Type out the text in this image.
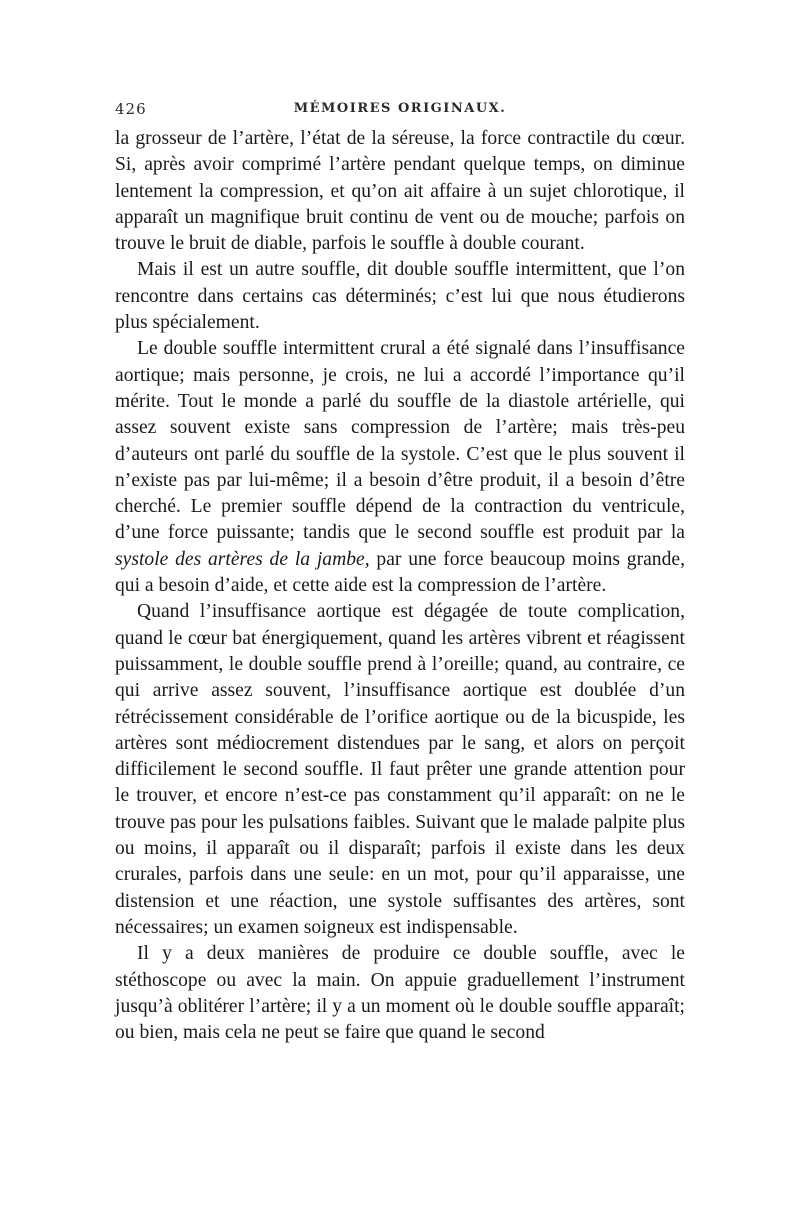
426	MÉMOIRES ORIGINAUX.

la grosseur de l’artère, l’état de la séreuse, la force contractile du cœur. Si, après avoir comprimé l’artère pendant quelque temps, on diminue lentement la compression, et qu’on ait affaire à un sujet chlorotique, il apparaît un magnifique bruit continu de vent ou de mouche; parfois on trouve le bruit de diable, parfois le souffle à double courant.

Mais il est un autre souffle, dit double souffle intermittent, que l’on rencontre dans certains cas déterminés; c’est lui que nous étudierons plus spécialement.

Le double souffle intermittent crural a été signalé dans l’insuffisance aortique; mais personne, je crois, ne lui a accordé l’importance qu’il mérite. Tout le monde a parlé du souffle de la diastole artérielle, qui assez souvent existe sans compression de l’artère; mais très-peu d’auteurs ont parlé du souffle de la systole. C’est que le plus souvent il n’existe pas par lui-même; il a besoin d’être produit, il a besoin d’être cherché. Le premier souffle dépend de la contraction du ventricule, d’une force puissante; tandis que le second souffle est produit par la systole des artères de la jambe, par une force beaucoup moins grande, qui a besoin d’aide, et cette aide est la compression de l’artère.

Quand l’insuffisance aortique est dégagée de toute complication, quand le cœur bat énergiquement, quand les artères vibrent et réagissent puissamment, le double souffle prend à l’oreille; quand, au contraire, ce qui arrive assez souvent, l’insuffisance aortique est doublée d’un rétrécissement considérable de l’orifice aortique ou de la bicuspide, les artères sont médiocrement distendues par le sang, et alors on perçoit difficilement le second souffle. Il faut prêter une grande attention pour le trouver, et encore n’est-ce pas constamment qu’il apparaît: on ne le trouve pas pour les pulsations faibles. Suivant que le malade palpite plus ou moins, il apparaît ou il disparaît; parfois il existe dans les deux crurales, parfois dans une seule: en un mot, pour qu’il apparaisse, une distension et une réaction, une systole suffisantes des artères, sont nécessaires; un examen soigneux est indispensable.

Il y a deux manières de produire ce double souffle, avec le stéthoscope ou avec la main. On appuie graduellement l’instrument jusqu’à oblitérer l’artère; il y a un moment où le double souffle apparaît; ou bien, mais cela ne peut se faire que quand le second
